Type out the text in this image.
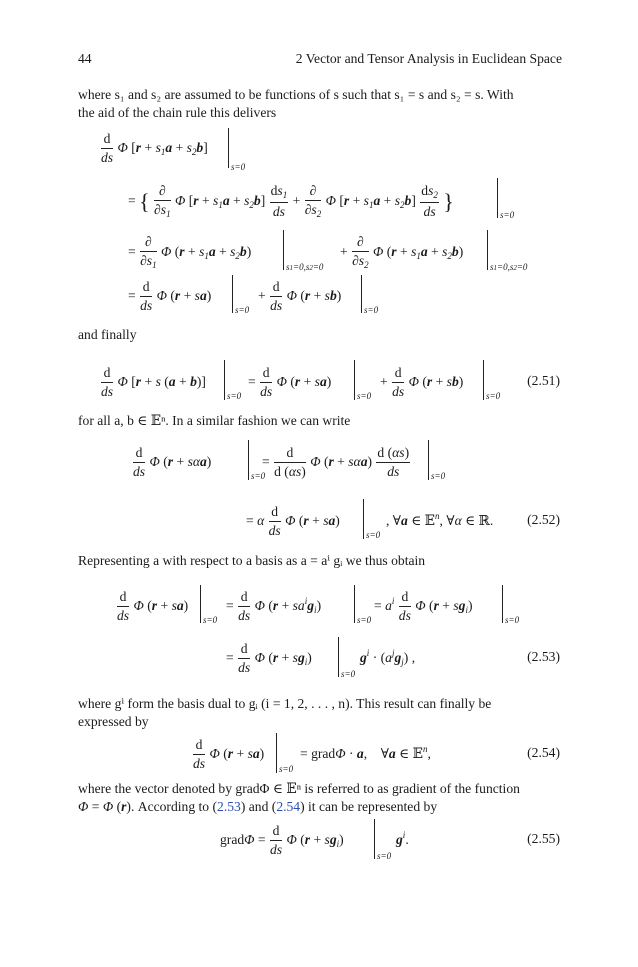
44	2 Vector and Tensor Analysis in Euclidean Space
where s₁ and s₂ are assumed to be functions of s such that s₁ = s and s₂ = s. With
the aid of the chain rule this delivers
$\frac{d}{ds}$ Φ $[r + s_1a + s_2b]$
s=0
= { $\frac{\partial}{\partial s_1}$ Φ $[r + s_1a + s_2b] \frac{ds_1}{ds} + \frac{\partial}{\partial s_2}$ Φ $[r + s_1a + s_2b] \frac{ds_2}{ds}$ }
s=0
= $\frac{\partial}{\partial s_1}$ Φ $(r + s_1a + s_2b)$
s1=0,s2=0
+ $\frac{\partial}{\partial s_2}$ Φ $(r + s_1a + s_2b)$
s1=0,s2=0
= $\frac{d}{ds}$ Φ (r + sa)
s=0
+ $\frac{d}{ds}$ Φ (r + sb)
s=0
and finally
$\frac{d}{ds}$ Φ [r + s (a + b)]
s=0
= $\frac{d}{ds}$ Φ (r + sa)
s=0
+ $\frac{d}{ds}$ Φ (r + sb)
s=0
(2.51)
for all a, b ∈ 𝔼ⁿ. In a similar fashion we can write
$\frac{d}{ds}$ Φ (r + sαa)
s=0
= $\frac{d}{d (\alpha s)}$ Φ $(r + s\alpha a) \frac{d (\alpha s)}{ds} s=0$
= α $\frac{d}{ds}$ Φ (r + sa)
s=0
, ∀a ∈ 𝔼$^n$, ∀α ∈ ℝ. (2.52)
Representing a with respect to a basis as a = aⁱ gᵢ we thus obtain
$\frac{d}{ds}$ Φ (r + sa)
s=0
= $\frac{d}{ds}$ Φ $(r + sa^ig_i)$
s=0
= $a^i \frac{d}{ds}$ Φ $(r + sg_i)$
s=0
= $\frac{d}{ds}$ Φ $(r + sg_i)$
s=0
$g^i \cdot (a^jg_j)$ ,	(2.53)
where gⁱ form the basis dual to gᵢ (i = 1, 2, . . . , n). This result can finally be
expressed by
$\frac{d}{ds}$ Φ (r + sa)
s=0
= gradΦ · a,    ∀a ∈ 𝔼$^n$,	(2.54)
where the vector denoted by gradΦ ∈ 𝔼ⁿ is referred to as gradient of the function
Φ = Φ (r). According to (2.53) and (2.54) it can be represented by
gradΦ = $\frac{d}{ds}$ Φ $(r + sg_i)$
s=0
$g^i$.	(2.55)
